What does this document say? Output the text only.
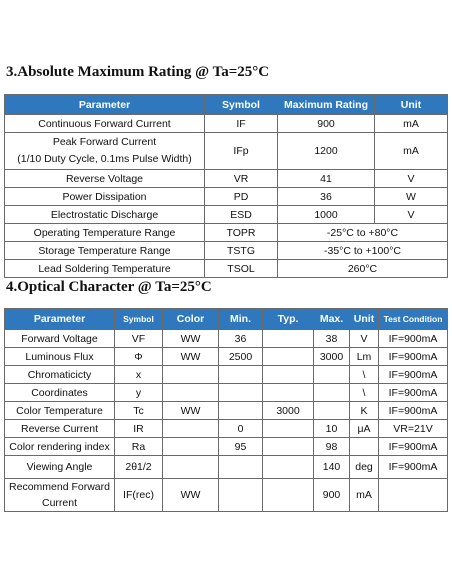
3.Absolute Maximum Rating @ Ta=25°C
Parameter	Symbol	Maximum Rating	Unit
Continuous Forward Current	IF	900	mA

Peak Forward Current
(1/10 Duty Cycle, 0.1ms Pulse Width)	IFp	1200	mA
Reverse Voltage	VR	41	V
Power Dissipation	PD	36	W
Electrostatic Discharge	ESD	1000	V
Operating Temperature Range	TOPR	-25°C to +80°C	
Storage Temperature Range	TSTG	-35°C to +100°C	
Lead Soldering Temperature	TSOL	260°C	
4.Optical Character @ Ta=25°C
Parameter	Symbol	Color	Min.	Typ.	Max.	Unit	Test Condition

Forward Voltage	VF	WW	36		38	V	IF=900mA

Luminous Flux	Φ	WW	2500		3000	Lm	IF=900mA

Chromaticicty	x					\	IF=900mA

Coordinates	y					\	IF=900mA

Color Temperature	Tc	WW		3000		K	IF=900mA

Reverse Current	IR		0		10	μA	VR=21V

Color rendering index	Ra		95		98		IF=900mA

Viewing Angle	2θ1/2				140	deg	IF=900mA

Recommend Forward
Current	IF(rec)	WW			900	mA	
